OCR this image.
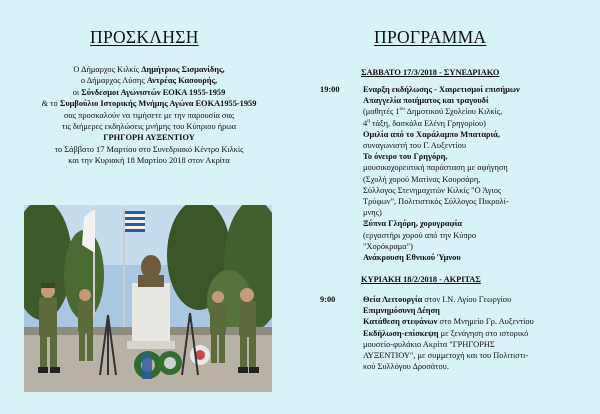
ΠΡΟΣΚΛΗΣΗ
Ο Δήμαρχος Κιλκίς Δημήτριος Σισμανίδης,
ο Δήμαρχος Λύσης Αντρέας Κασουρής,
οι Σύνδεσμοι Αγωνιστών ΕΟΚΑ 1955-1959
& το Συμβούλιο Ιστορικής Μνήμης Αγώνα ΕΟΚΑ1955-1959
σας προσκαλούν να τιμήσετε με την παρουσία σας
τις διήμερες εκδηλώσεις μνήμης του Κύπριου ήρωα
ΓΡΗΓΟΡΗ ΑΥΞΕΝΤΙΟΥ
το Σάββατο 17 Μαρτίου στο Συνεδριακό Κέντρο Κιλκίς
και την Κυριακή 18 Μαρτίου 2018 στον Ακρίτα
ΠΡΟΓΡΑΜΜΑ
ΣΑΒΒΑΤΟ 17/3/2018 - ΣΥΝΕΔΡΙΑΚΟ
19:00	Εναρξη εκδήλωσης - Χαιρετισμοί επισήμων
Απαγγελία ποιήματος και τραγουδί
(μαθητές $1^{o\upsilon}$ Δημοτικού Σχολείου Κιλκίς,
$4^\eta$ τάξη, δασκάλα Ελένη Γρηγορίου)
Ομιλία από το Χαράλαμπο Μπαταριά,
συναγωνιστή του Γ. Αυξεντίου
Το όνειρο του Γρηγόρη,
μουσικοχορευτική παράσταση με αφήγηση
(Σχολή χορού Ματίνας Κουρσάρη,
Σύλλογος Στενημαχιτών Κιλκίς "Ο Άγιος
Τρύφων", Πολιτιστικός Σύλλογος Πικρολί-
μνης)
Ξύπνα Γληόρη, χορογραφία
(εργαστήρι χορού από την Κύπρο
"Χορόκραμα")
Ανάκρουση Εθνικού Ύμνου
ΚΥΡΙΑΚΗ 18/2/2018 - ΑΚΡΙΤΑΣ
9:00	Θεία Λειτουργία στον Ι.Ν. Αγίου Γεωργίου
Επιμνημόσυνη Δέηση
Κατάθεση στεφάνων στο Μνημείο Γρ. Αυξεντίου
Εκδήλωση-επίσκεψη με ξενάγηση στο ιστορικό
μουσείο-φυλάκιο Ακρίτα "ΓΡΗΓΟΡΗΣ
ΑΥΞΕΝΤΙΟΥ", με συμμετοχή και του Πολιτιστι-
κού Συλλόγου Δροσάτου.
